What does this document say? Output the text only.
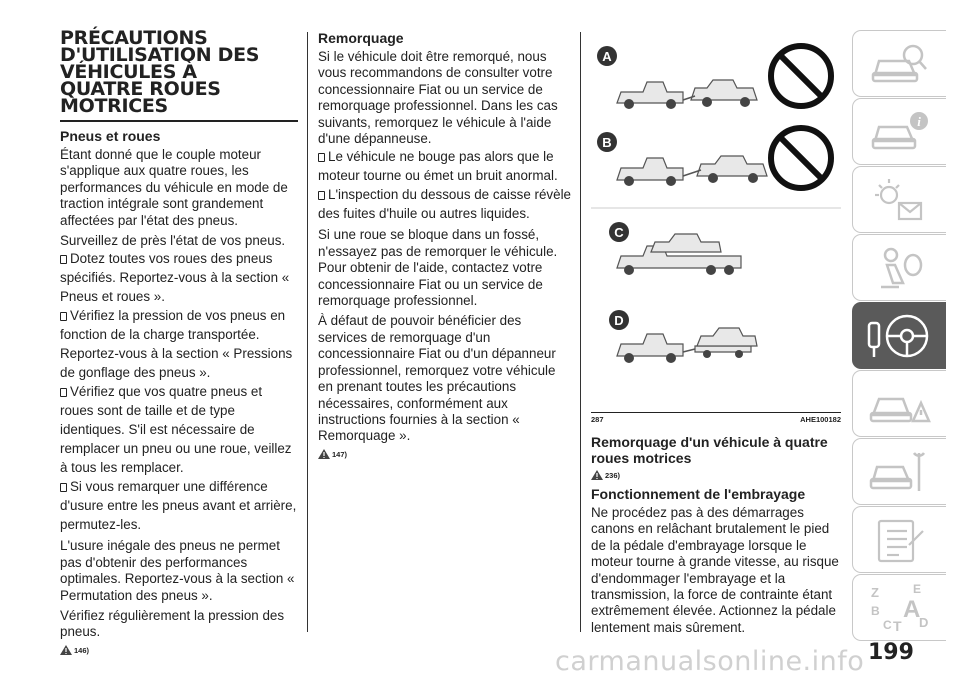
PRÉCAUTIONS
D'UTILISATION DES
VÉHICULES À
QUATRE ROUES
MOTRICES
Pneus et roues

Étant donné que le couple moteur s'applique aux quatre roues, les performances du véhicule en mode de traction intégrale sont grandement affectées par l'état des pneus.

Surveillez de près l'état de vos pneus.

Dotez toutes vos roues des pneus spécifiés. Reportez-vous à la section « Pneus et roues ».
Vérifiez la pression de vos pneus en fonction de la charge transportée. Reportez-vous à la section « Pressions de gonflage des pneus ».
Vérifiez que vos quatre pneus et roues sont de taille et de type identiques. S'il est nécessaire de remplacer un pneu ou une roue, veillez à tous les remplacer.
Si vous remarquer une différence d'usure entre les pneus avant et arrière, permutez-les.

L'usure inégale des pneus ne permet pas d'obtenir des performances optimales. Reportez-vous à la section « Permutation des pneus ».

Vérifiez régulièrement la pression des pneus.

146)
Remorquage

Si le véhicule doit être remorqué, nous vous recommandons de consulter votre concessionnaire Fiat ou un service de remorquage professionnel. Dans les cas suivants, remorquez le véhicule à l'aide d'une dépanneuse.

Le véhicule ne bouge pas alors que le moteur tourne ou émet un bruit anormal.
L'inspection du dessous de caisse révèle des fuites d'huile ou autres liquides.

Si une roue se bloque dans un fossé, n'essayez pas de remorquer le véhicule. Pour obtenir de l'aide, contactez votre concessionnaire Fiat ou un service de remorquage professionnel.

À défaut de pouvoir bénéficier des services de remorquage d'un concessionnaire Fiat ou d'un dépanneur professionnel, remorquez votre véhicule en prenant toutes les précautions nécessaires, conformément aux instructions fournies à la section « Remorquage ».

147)
A
B
C
D
287	AHE100182
Remorquage d'un véhicule à quatre roues motrices
236)
Fonctionnement de l'embrayage

Ne procédez pas à des démarrages canons en relâchant brutalement le pied de la pédale d'embrayage lorsque le moteur tourne à grande vitesse, au risque d'endommager l'embrayage et la transmission, la force de contrainte étant extrêmement élevée. Actionnez la pédale lentement mais sûrement.

i
Z	E
B A
C D
T
199
carmanualsonline.info
